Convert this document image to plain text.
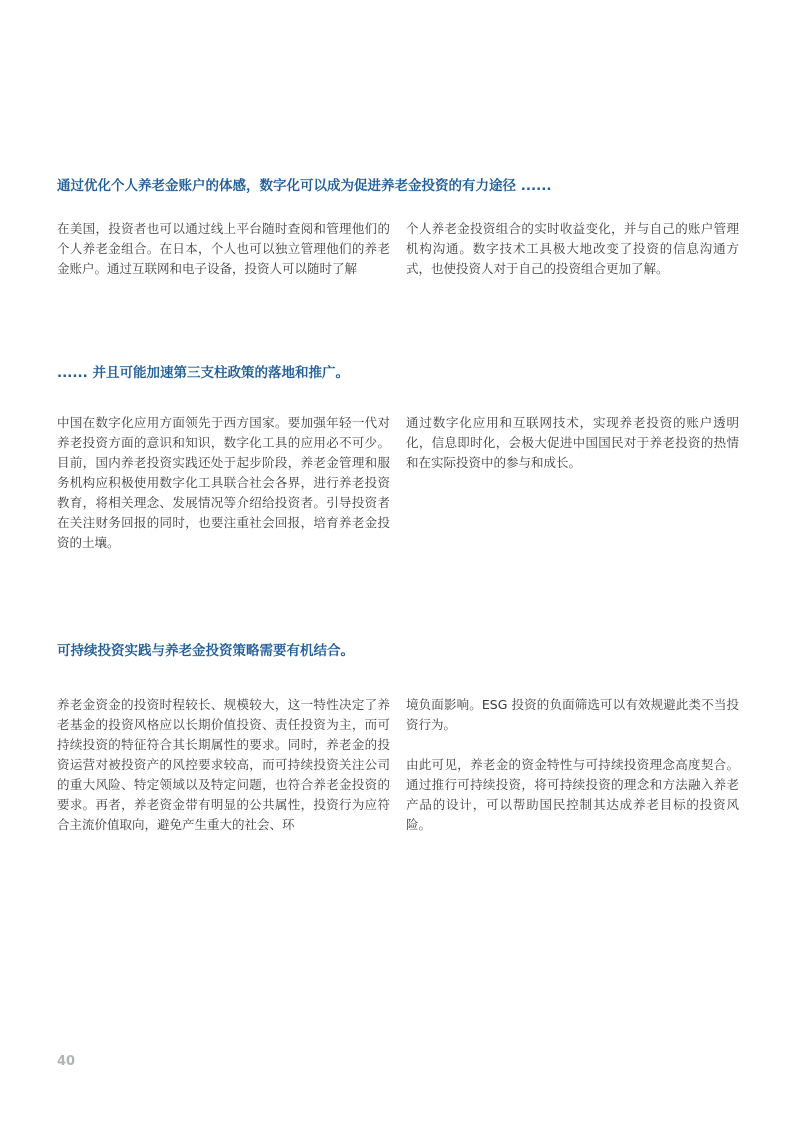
通过优化个人养老金账户的体感，数字化可以成为促进养老金投资的有力途径 ......

在美国，投资者也可以通过线上平台随时查阅和管理他们的个人养老金组合。在日本，个人也可以独立管理他们的养老金账户。通过互联网和电子设备，投资人可以随时了解

个人养老金投资组合的实时收益变化，并与自己的账户管理机构沟通。数字技术工具极大地改变了投资的信息沟通方式，也使投资人对于自己的投资组合更加了解。

...... 并且可能加速第三支柱政策的落地和推广。

中国在数字化应用方面领先于西方国家。要加强年轻一代对养老投资方面的意识和知识，数字化工具的应用必不可少。目前，国内养老投资实践还处于起步阶段，养老金管理和服务机构应积极使用数字化工具联合社会各界，进行养老投资教育，将相关理念、发展情况等介绍给投资者。引导投资者在关注财务回报的同时，也要注重社会回报，培育养老金投资的土壤。

通过数字化应用和互联网技术，实现养老投资的账户透明化，信息即时化，会极大促进中国国民对于养老投资的热情和在实际投资中的参与和成长。

可持续投资实践与养老金投资策略需要有机结合。

养老金资金的投资时程较长、规模较大，这一特性决定了养老基金的投资风格应以长期价值投资、责任投资为主，而可持续投资的特征符合其长期属性的要求。同时，养老金的投资运营对被投资产的风控要求较高，而可持续投资关注公司的重大风险、特定领域以及特定问题，也符合养老金投资的要求。再者，养老资金带有明显的公共属性，投资行为应符合主流价值取向，避免产生重大的社会、环

境负面影响。ESG 投资的负面筛选可以有效规避此类不当投资行为。

由此可见，养老金的资金特性与可持续投资理念高度契合。通过推行可持续投资，将可持续投资的理念和方法融入养老产品的设计，可以帮助国民控制其达成养老目标的投资风险。

40
